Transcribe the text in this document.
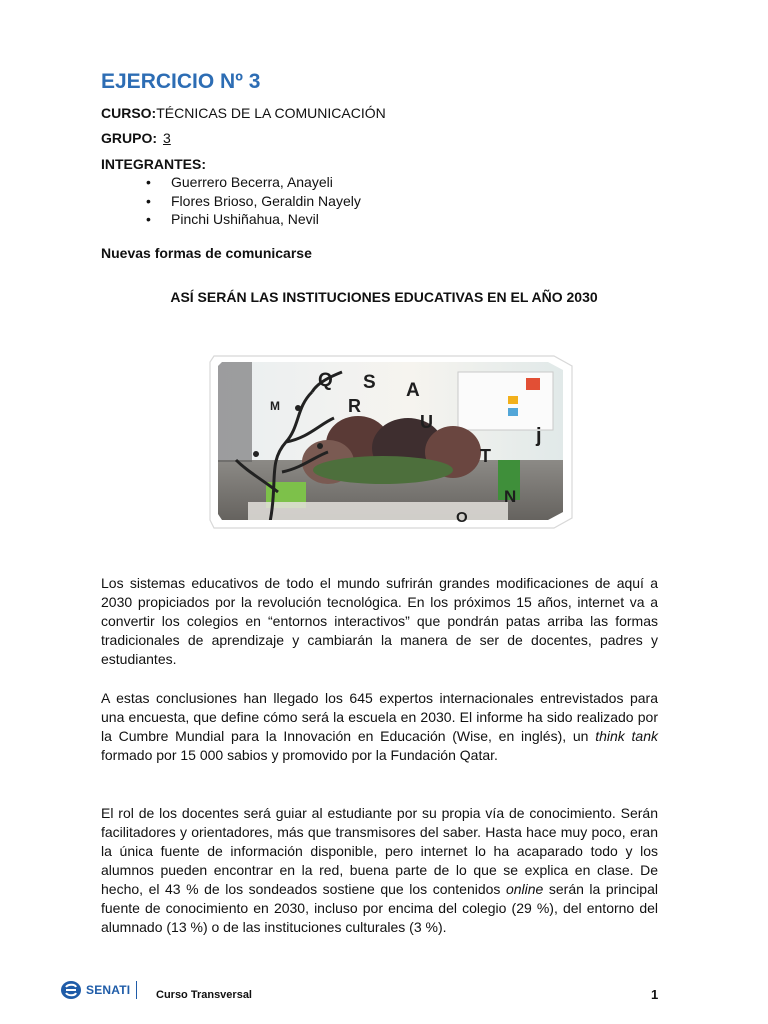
EJERCICIO Nº 3
CURSO:TÉCNICAS DE LA COMUNICACIÓN
GRUPO: 3
INTEGRANTES:
• Guerrero Becerra, Anayeli
• Flores Brioso, Geraldin Nayely
• Pinchi Ushiñahua, Nevil
Nuevas formas de comunicarse
ASÍ SERÁN LAS INSTITUCIONES EDUCATIVAS EN EL AÑO 2030
Q S A
R
U
T
N
M
j
O

Los sistemas educativos de todo el mundo sufrirán grandes modificaciones de aquí a 2030 propiciados por la revolución tecnológica. En los próximos 15 años, internet va a convertir los colegios en “entornos interactivos” que pondrán patas arriba las formas tradicionales de aprendizaje y cambiarán la manera de ser de docentes, padres y estudiantes.

A estas conclusiones han llegado los 645 expertos internacionales entrevistados para una encuesta, que define cómo será la escuela en 2030. El informe ha sido realizado por la Cumbre Mundial para la Innovación en Educación (Wise, en inglés), un think tank formado por 15 000 sabios y promovido por la Fundación Qatar.

El rol de los docentes será guiar al estudiante por su propia vía de conocimiento. Serán facilitadores y orientadores, más que transmisores del saber. Hasta hace muy poco, eran la única fuente de información disponible, pero internet lo ha acaparado todo y los alumnos pueden encontrar en la red, buena parte de lo que se explica en clase. De hecho, el 43 % de los sondeados sostiene que los contenidos online serán la principal fuente de conocimiento en 2030, incluso por encima del colegio (29 %), del entorno del alumnado (13 %) o de las instituciones culturales (3 %).

SENATI Curso Transversal	1
